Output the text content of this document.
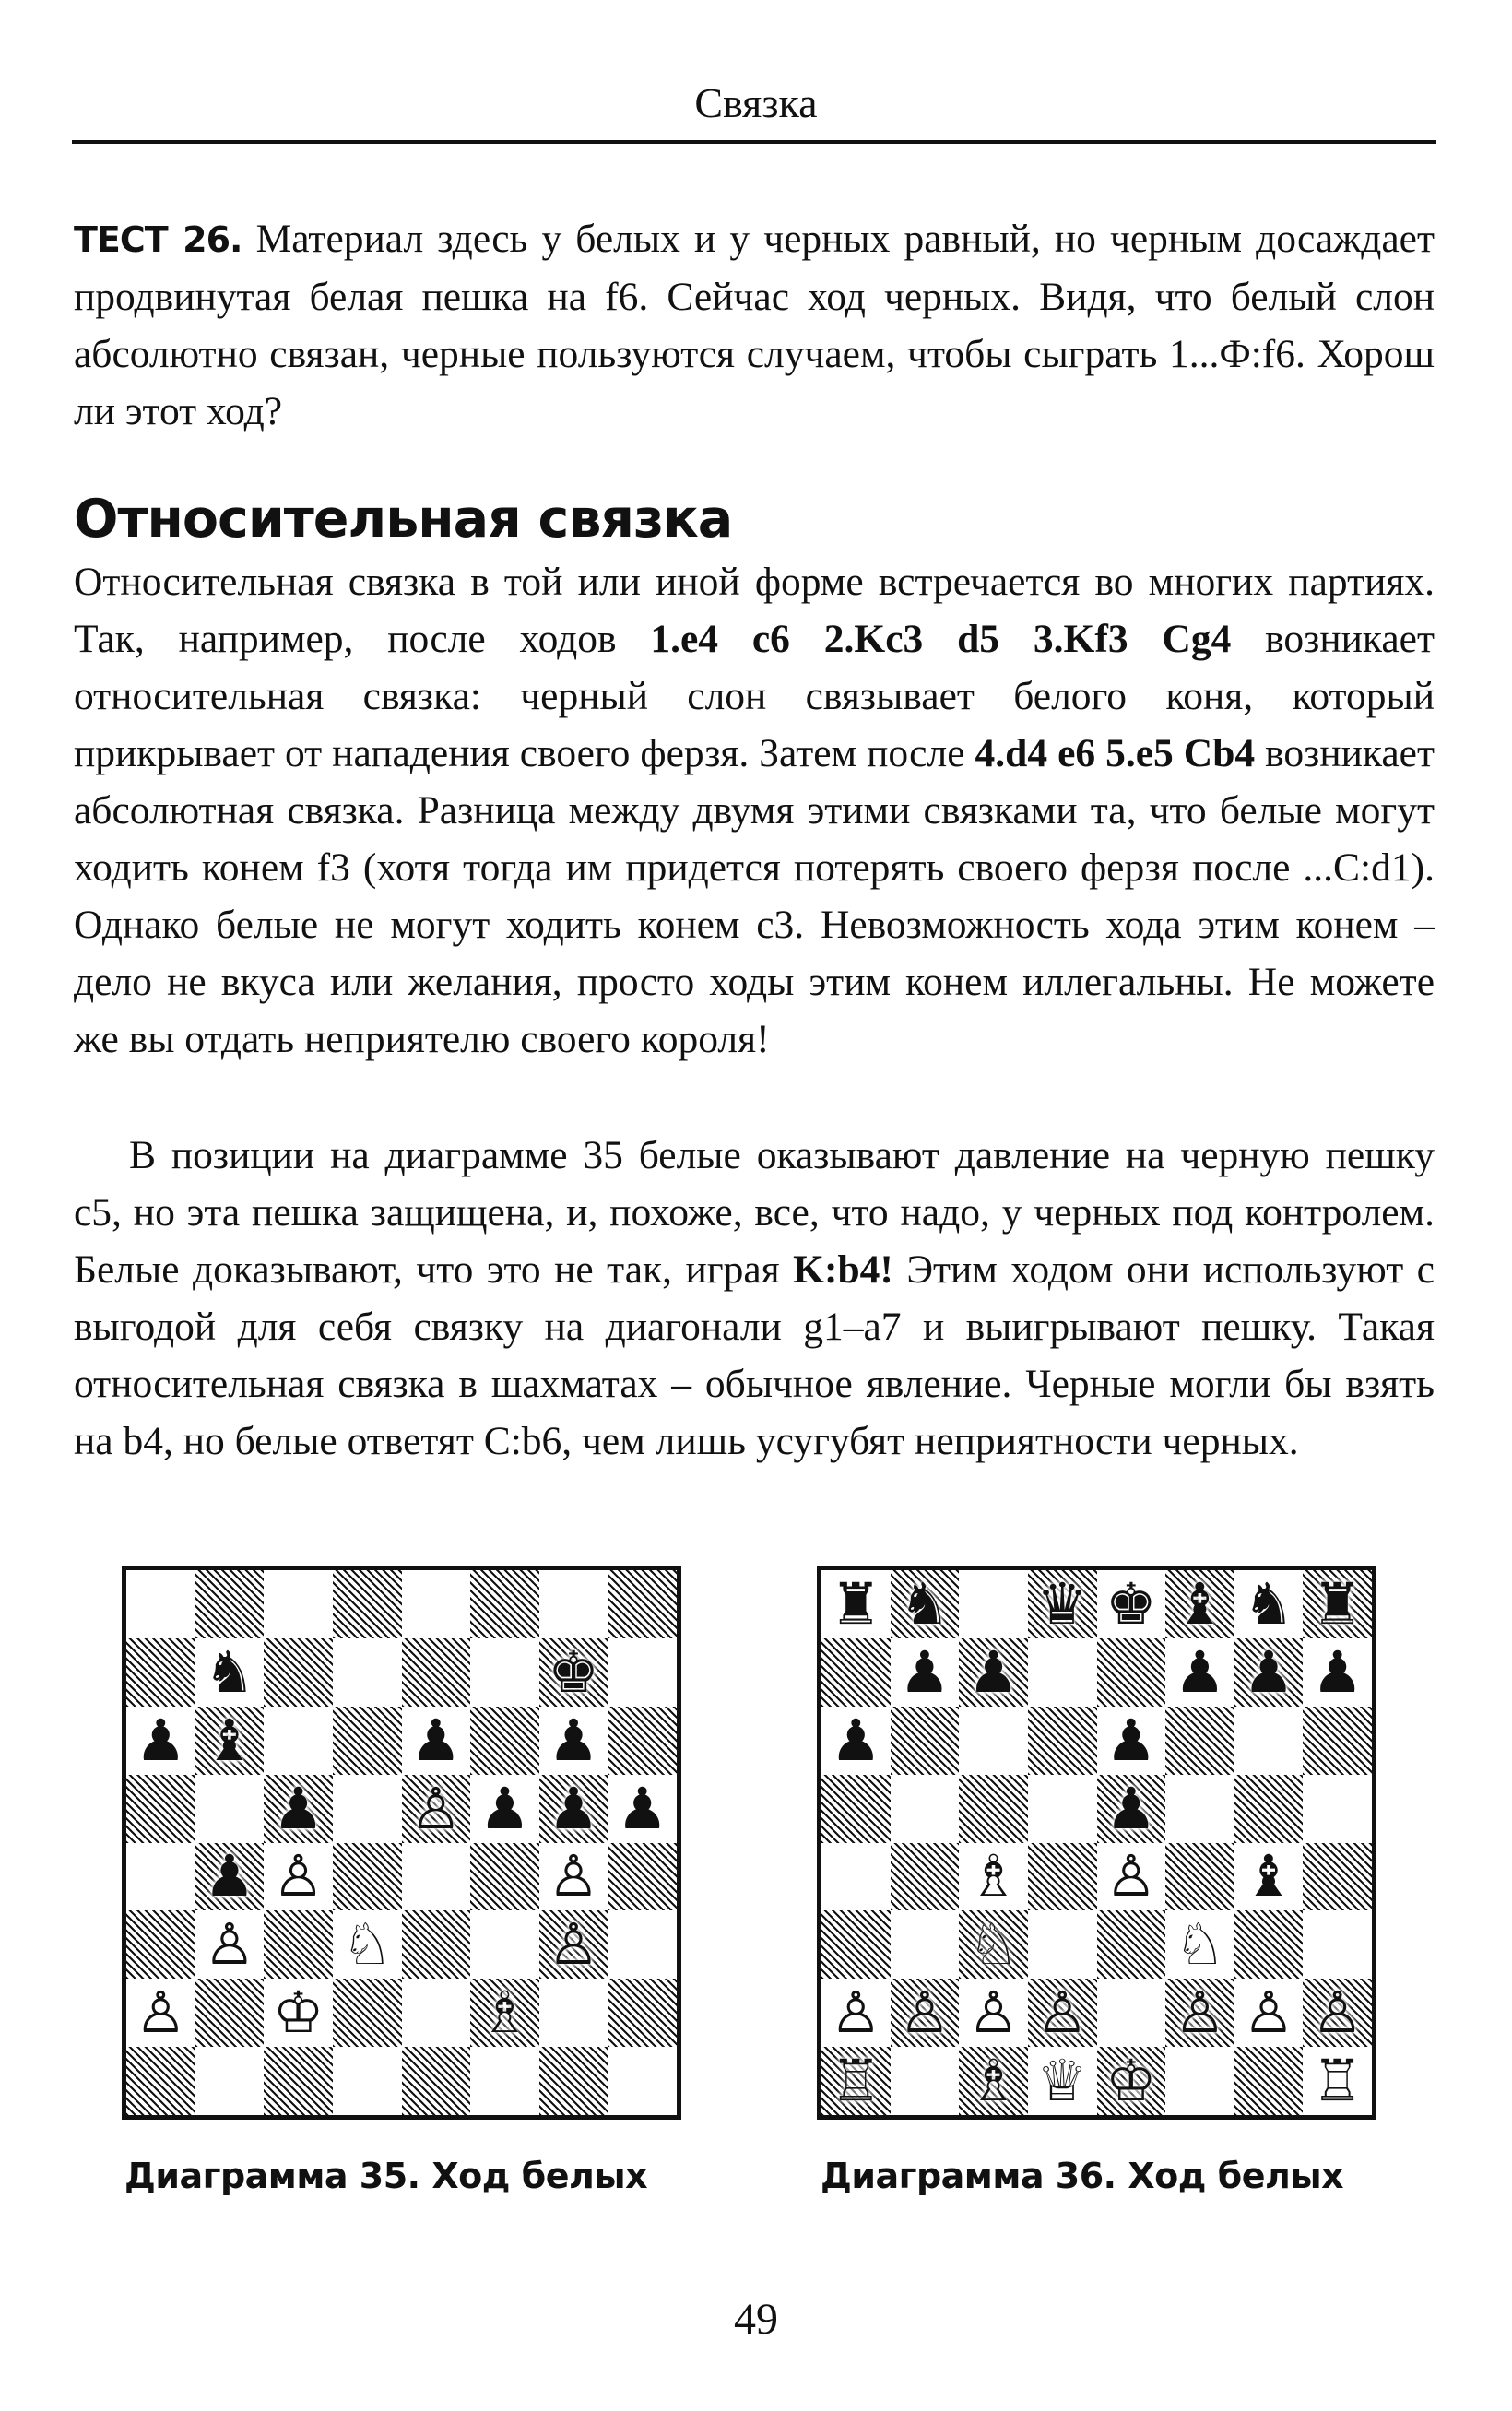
Связка
ТЕСТ 26. Материал здесь у белых и у черных равный, но черным досаждает продвинутая белая пешка на f6. Сейчас ход черных. Видя, что белый слон абсолютно связан, черные пользуются случаем, чтобы сыграть 1...Ф:f6. Хорош ли этот ход?
Относительная связка
Относительная связка в той или иной форме встречается во многих партиях. Так, например, после ходов 1.e4 c6 2.Kc3 d5 3.Kf3 Cg4 возникает относительная связка: черный слон связывает белого коня, который прикрывает от нападения своего ферзя. Затем после 4.d4 e6 5.e5 Cb4 возникает абсолютная связка. Разница между двумя этими связками та, что белые могут ходить конем f3 (хотя тогда им придется потерять своего ферзя после ...C:d1). Однако белые не могут ходить конем c3. Невозможность хода этим конем – дело не вкуса или желания, просто ходы этим конем иллегальны. Не можете же вы отдать неприятелю своего короля!
В позиции на диаграмме 35 белые оказывают давление на черную пешку c5, но эта пешка защищена, и, похоже, все, что надо, у черных под контролем. Белые доказывают, что это не так, играя K:b4! Этим ходом они используют с выгодой для себя связку на диагонали g1–a7 и выигрывают пешку. Такая относительная связка в шахматах – обычное явление. Черные могли бы взять на b4, но белые ответят C:b6, чем лишь усугубят неприятности черных.
♞	♚
♟ ♝	♟ ♟
♟ ♙ ♟ ♟ ♟
♟ ♙	♙
♙ ♘	♙
♙ ♔	♗
♜ ♞ ♛ ♚ ♝ ♞ ♜
♟ ♟	♟ ♟ ♟
♟	♟
♟
♗ ♙ ♝
♘	♘
♙ ♙ ♙ ♙ ♙ ♙ ♙
♖ ♗ ♕ ♔	♖
Диаграмма 35. Ход белых	Диаграмма 36. Ход белых
49
